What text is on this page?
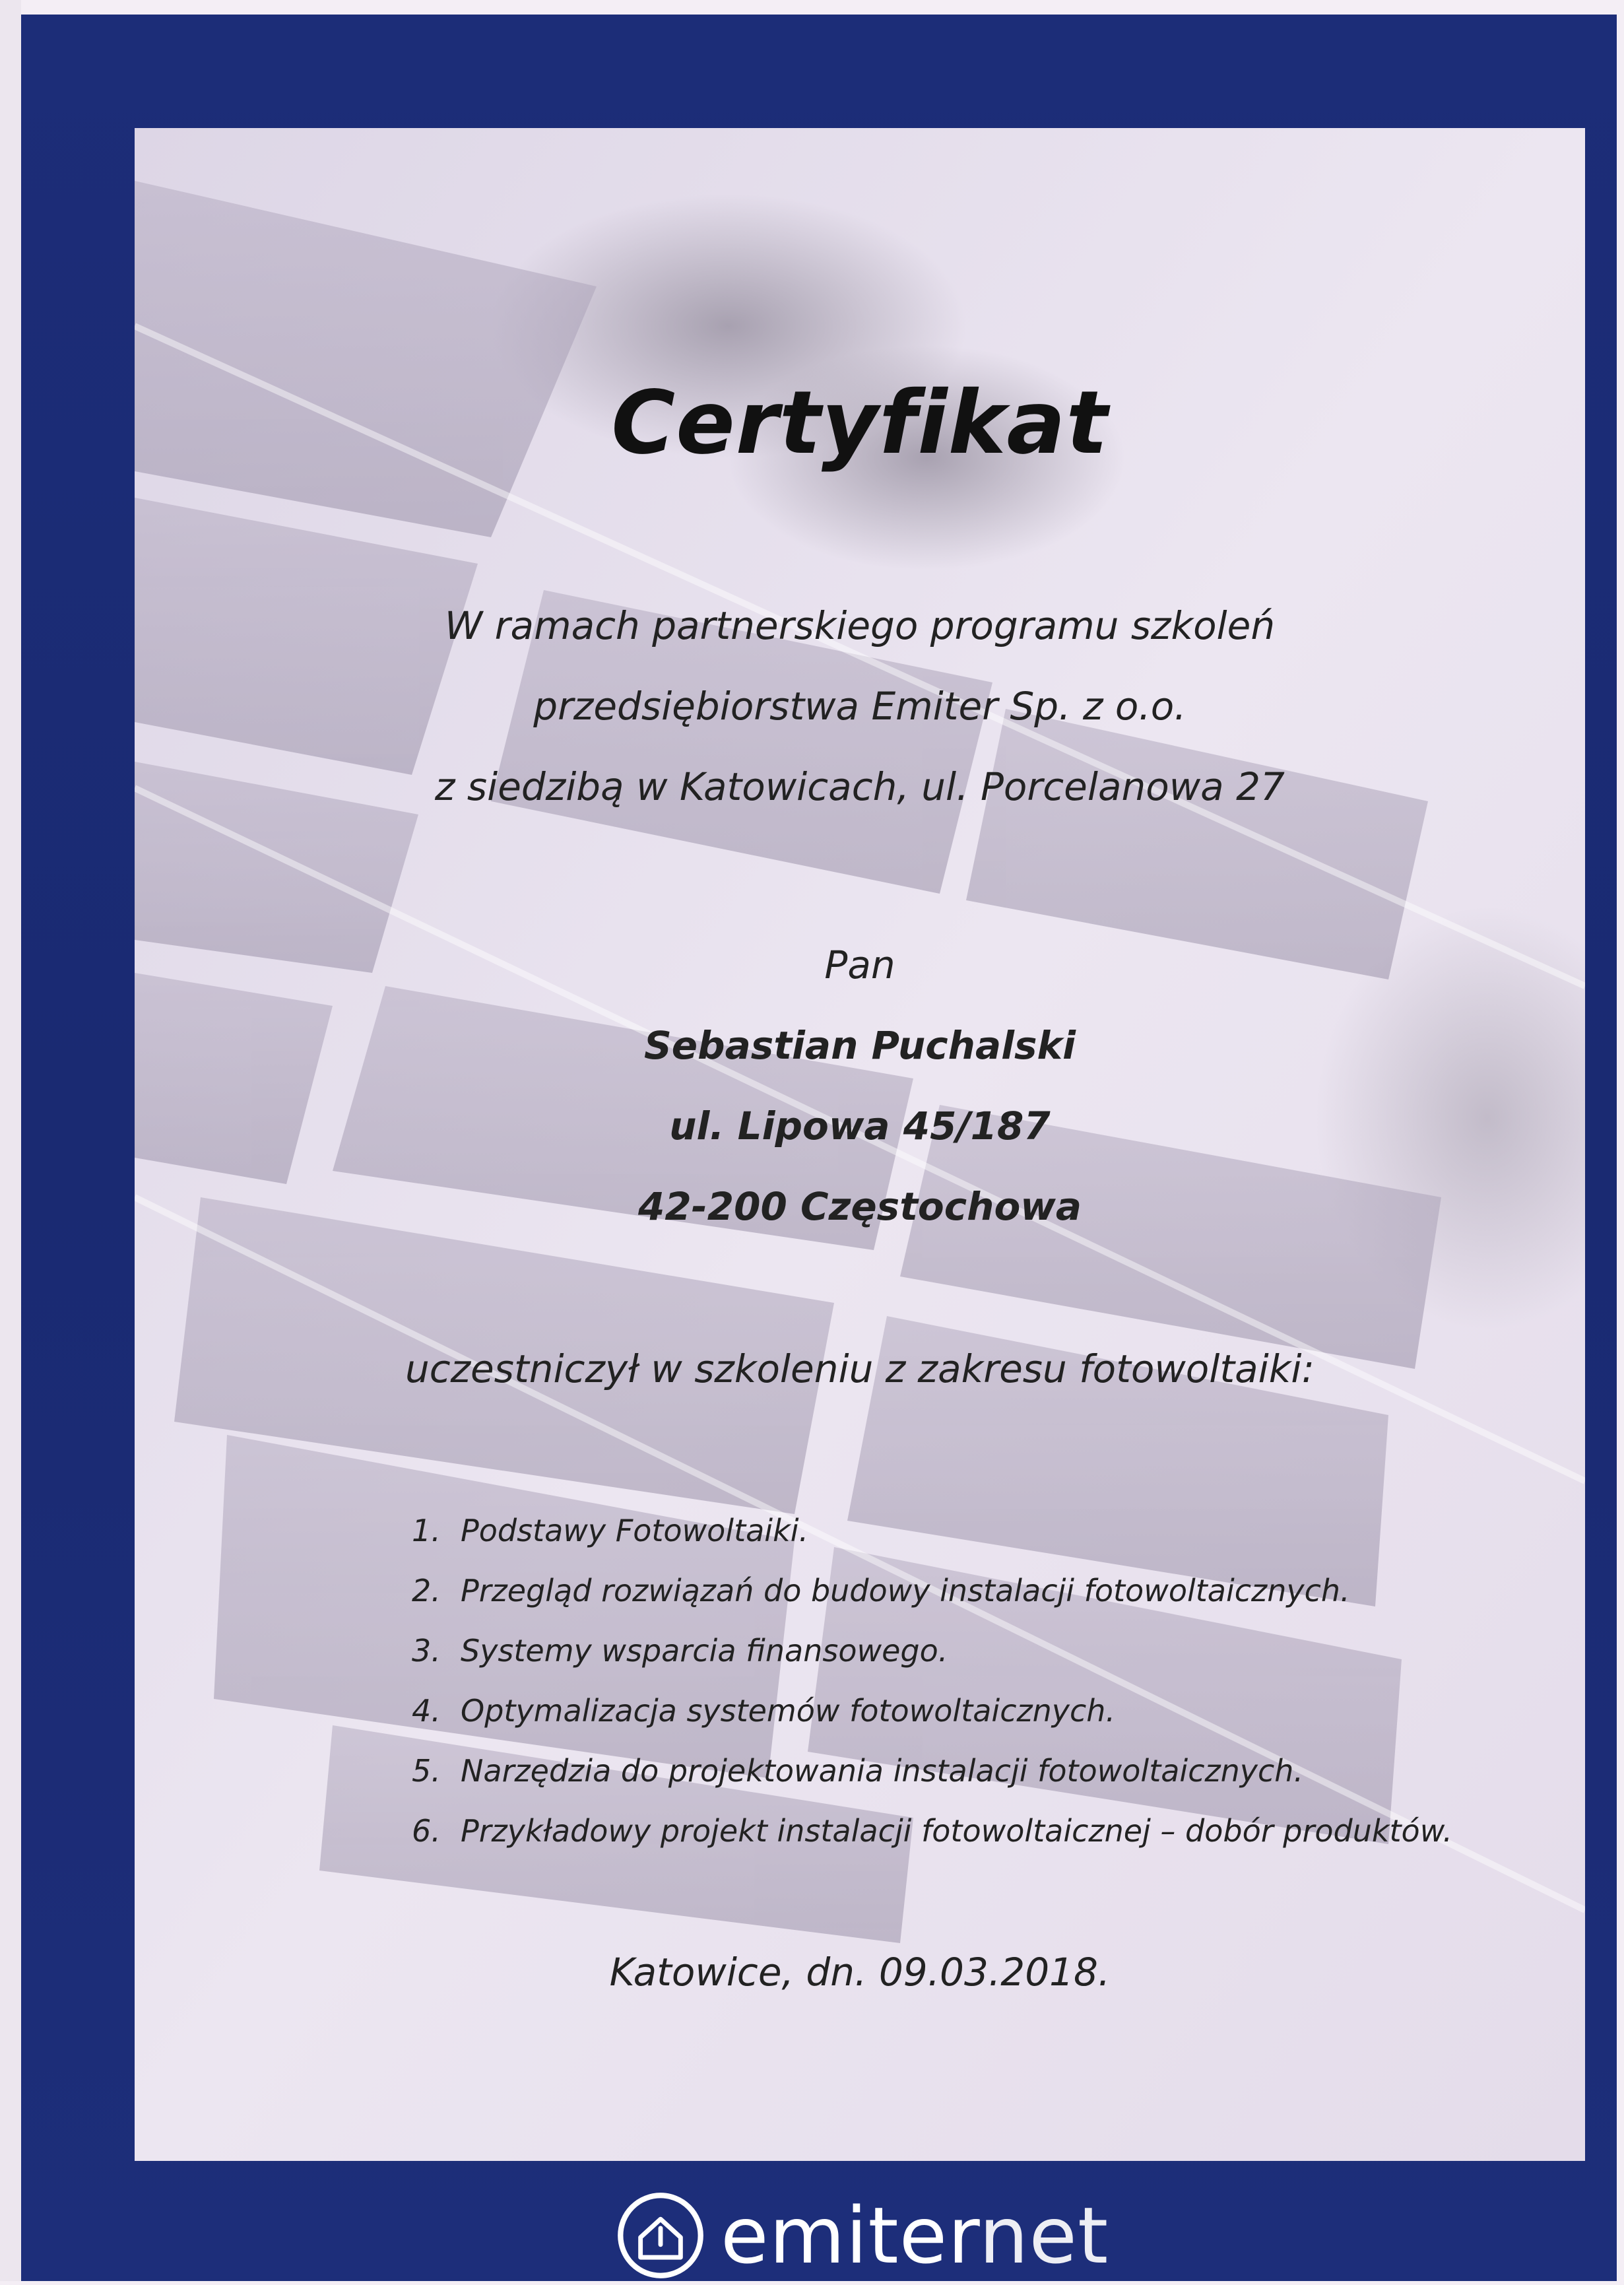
Certyfikat
W ramach partnerskiego programu szkoleń
przedsiębiorstwa Emiter Sp. z o.o.
z siedzibą w Katowicach, ul. Porcelanowa 27
Pan
Sebastian Puchalski
ul. Lipowa 45/187
42-200 Częstochowa
uczestniczył w szkoleniu z zakresu fotowoltaiki:
1. Podstawy Fotowoltaiki.
2. Przegląd rozwiązań do budowy instalacji fotowoltaicznych.
3. Systemy wsparcia finansowego.
4. Optymalizacja systemów fotowoltaicznych.
5. Narzędzia do projektowania instalacji fotowoltaicznych.
6. Przykładowy projekt instalacji fotowoltaicznej – dobór produktów.
Katowice, dn. 09.03.2018.
emiternet
